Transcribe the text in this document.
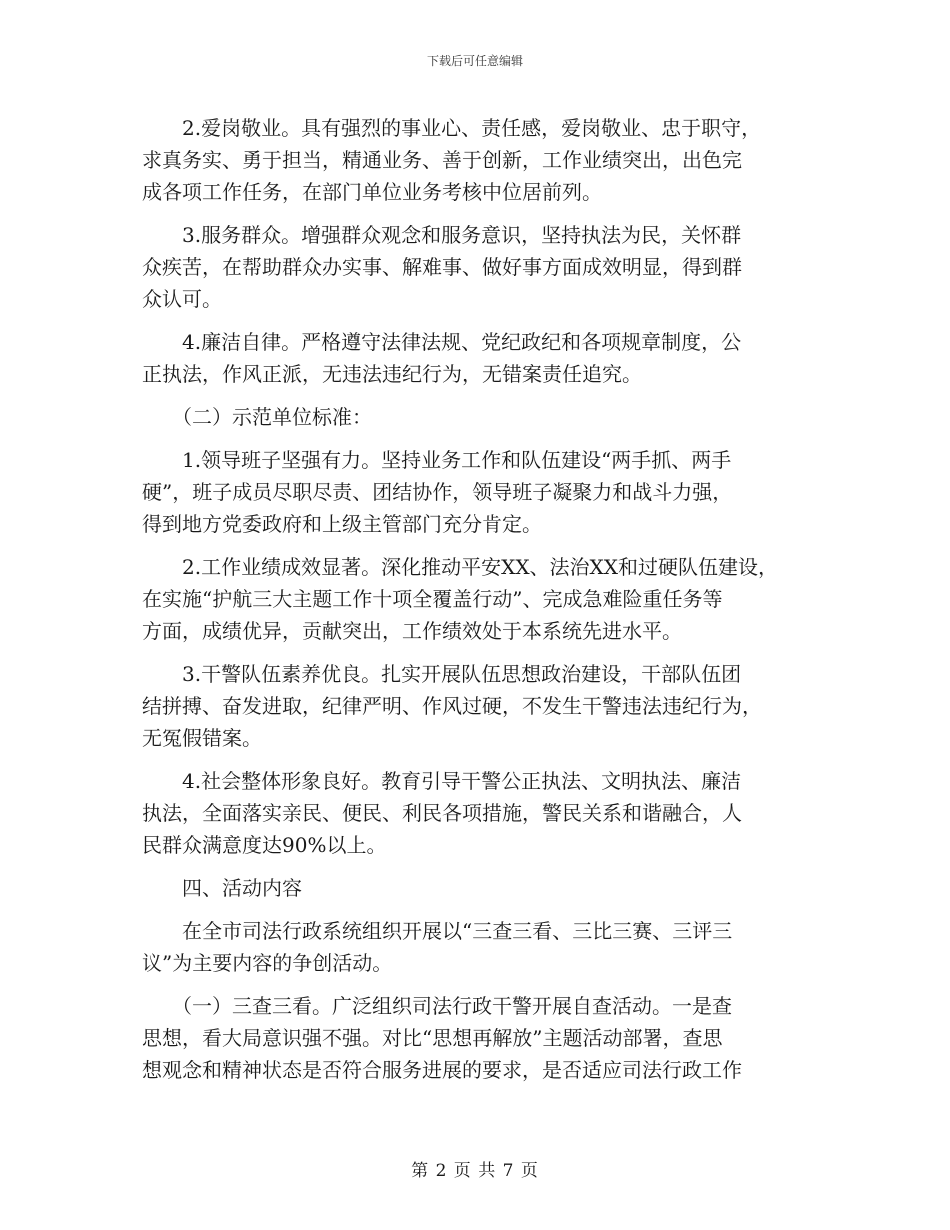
下载后可任意编辑
　　2.爱岗敬业。具有强烈的事业心、责任感，爱岗敬业、忠于职守，
求真务实、勇于担当，精通业务、善于创新，工作业绩突出，出色完
成各项工作任务，在部门单位业务考核中位居前列。
　　3.服务群众。增强群众观念和服务意识，坚持执法为民，关怀群
众疾苦，在帮助群众办实事、解难事、做好事方面成效明显，得到群
众认可。
　　4.廉洁自律。严格遵守法律法规、党纪政纪和各项规章制度，公
正执法，作风正派，无违法违纪行为，无错案责任追究。
　　（二）示范单位标准：
　　1.领导班子坚强有力。坚持业务工作和队伍建设“两手抓、两手
硬”，班子成员尽职尽责、团结协作，领导班子凝聚力和战斗力强，
得到地方党委政府和上级主管部门充分肯定。
　　2.工作业绩成效显著。深化推动平安XX、法治XX和过硬队伍建设，
在实施“护航三大主题工作十项全覆盖行动”、完成急难险重任务等
方面，成绩优异，贡献突出，工作绩效处于本系统先进水平。
　　3.干警队伍素养优良。扎实开展队伍思想政治建设，干部队伍团
结拼搏、奋发进取，纪律严明、作风过硬，不发生干警违法违纪行为，
无冤假错案。
　　4.社会整体形象良好。教育引导干警公正执法、文明执法、廉洁
执法，全面落实亲民、便民、利民各项措施，警民关系和谐融合，人
民群众满意度达90%以上。
　　四、活动内容
　　在全市司法行政系统组织开展以“三查三看、三比三赛、三评三
议”为主要内容的争创活动。
　　（一）三查三看。广泛组织司法行政干警开展自查活动。一是查
思想，看大局意识强不强。对比“思想再解放”主题活动部署，查思
想观念和精神状态是否符合服务进展的要求，是否适应司法行政工作
第 2 页 共 7 页
